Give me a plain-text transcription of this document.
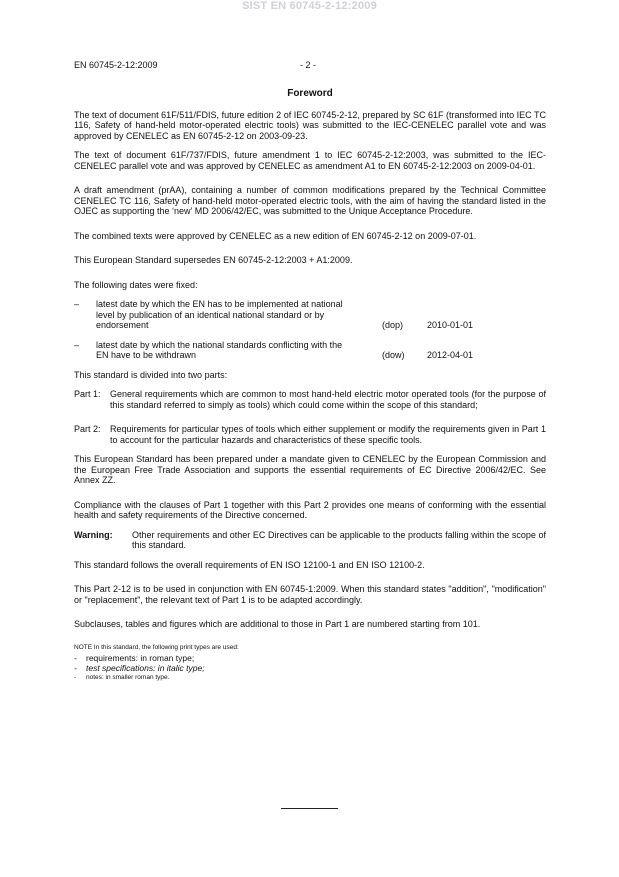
SIST EN 60745-2-12:2009
EN 60745-2-12:2009	- 2 -
Foreword

The text of document 61F/511/FDIS, future edition 2 of IEC 60745-2-12, prepared by SC 61F (transformed into IEC TC 116, Safety of hand-held motor-operated electric tools) was submitted to the IEC-CENELEC parallel vote and was approved by CENELEC as EN 60745-2-12 on 2003-09-23.

The text of document 61F/737/FDIS, future amendment 1 to IEC 60745-2-12:2003, was submitted to the IEC-CENELEC parallel vote and was approved by CENELEC as amendment A1 to EN 60745-2-12:2003 on 2009-04-01.

A draft amendment (prAA), containing a number of common modifications prepared by the Technical Committee CENELEC TC 116, Safety of hand-held motor-operated electric tools, with the aim of having the standard listed in the OJEC as supporting the ‘new’ MD 2006/42/EC, was submitted to the Unique Acceptance Procedure.

The combined texts were approved by CENELEC as a new edition of EN 60745-2-12 on 2009-07-01.

This European Standard supersedes EN 60745-2-12:2003 + A1:2009.

The following dates were fixed:

– latest date by which the EN has to be implemented at national level by publication of an identical national standard or by endorsement	(dop)	2010-01-01
– latest date by which the national standards conflicting with the EN have to be withdrawn	(dow) 2012-04-01

This standard is divided into two parts:

Part 1: General requirements which are common to most hand-held electric motor operated tools (for the purpose of this standard referred to simply as tools) which could come within the scope of this standard;
Part 2: Requirements for particular types of tools which either supplement or modify the requirements given in Part 1 to account for the particular hazards and characteristics of these specific tools.

This European Standard has been prepared under a mandate given to CENELEC by the European Commission and the European Free Trade Association and supports the essential requirements of EC Directive 2006/42/EC. See Annex ZZ.

Compliance with the clauses of Part 1 together with this Part 2 provides one means of conforming with the essential health and safety requirements of the Directive concerned.

Warning: Other requirements and other EC Directives can be applicable to the products falling within the scope of this standard.

This standard follows the overall requirements of EN ISO 12100-1 and EN ISO 12100-2.

This Part 2-12 is to be used in conjunction with EN 60745-1:2009. When this standard states "addition", "modification" or "replacement", the relevant text of Part 1 is to be adapted accordingly.

Subclauses, tables and figures which are additional to those in Part 1 are numbered starting from 101.

NOTE In this standard, the following print types are used:
- requirements: in roman type;
- test specifications: in italic type;
- notes: in smaller roman type.
